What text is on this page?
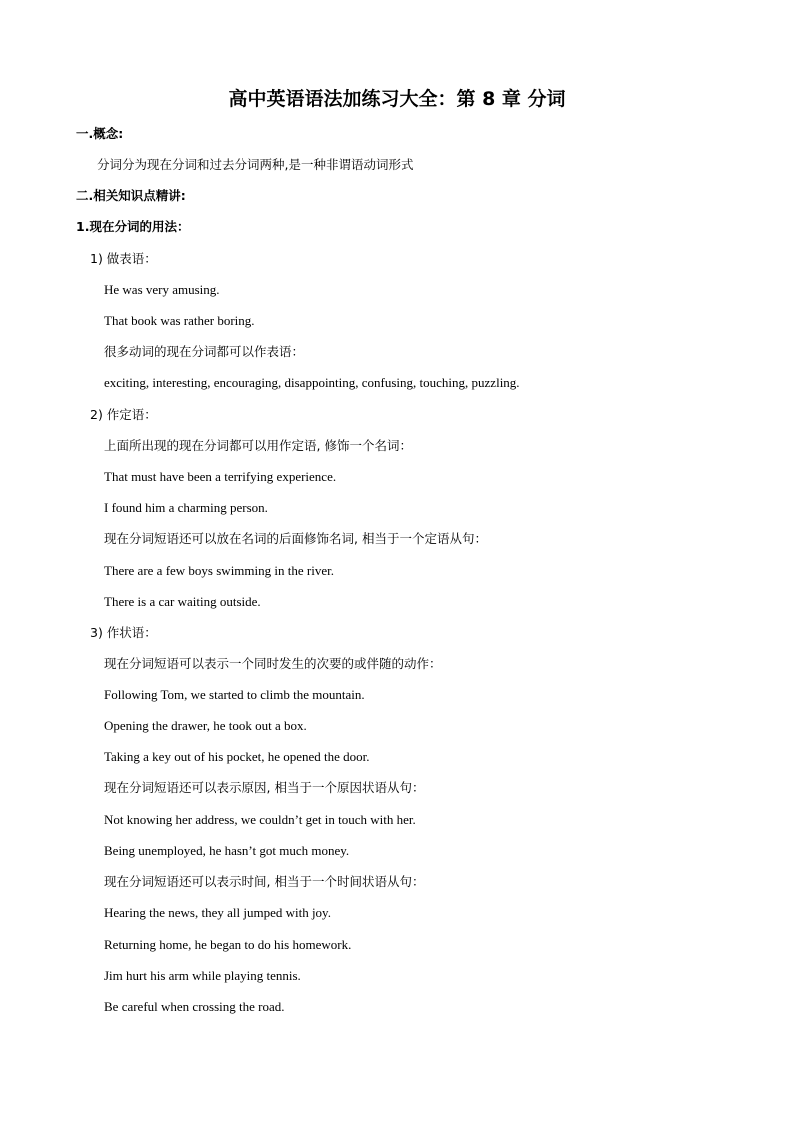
高中英语语法加练习大全：第 8 章 分词
一.概念:
分词分为现在分词和过去分词两种,是一种非谓语动词形式
二.相关知识点精讲:
1.现在分词的用法：
1) 做表语：
He was very amusing.
That book was rather boring.
很多动词的现在分词都可以作表语：
exciting, interesting, encouraging, disappointing, confusing, touching, puzzling.
2) 作定语：
上面所出现的现在分词都可以用作定语, 修饰一个名词：
That must have been a terrifying experience.
I found him a charming person.
现在分词短语还可以放在名词的后面修饰名词, 相当于一个定语从句：
There are a few boys swimming in the river.
There is a car waiting outside.
3) 作状语：
现在分词短语可以表示一个同时发生的次要的或伴随的动作：
Following Tom, we started to climb the mountain.
Opening the drawer, he took out a box.
Taking a key out of his pocket, he opened the door.
现在分词短语还可以表示原因, 相当于一个原因状语从句：
Not knowing her address, we couldn’t get in touch with her.
Being unemployed, he hasn’t got much money.
现在分词短语还可以表示时间, 相当于一个时间状语从句：
Hearing the news, they all jumped with joy.
Returning home, he began to do his homework.
Jim hurt his arm while playing tennis.
Be careful when crossing the road.
